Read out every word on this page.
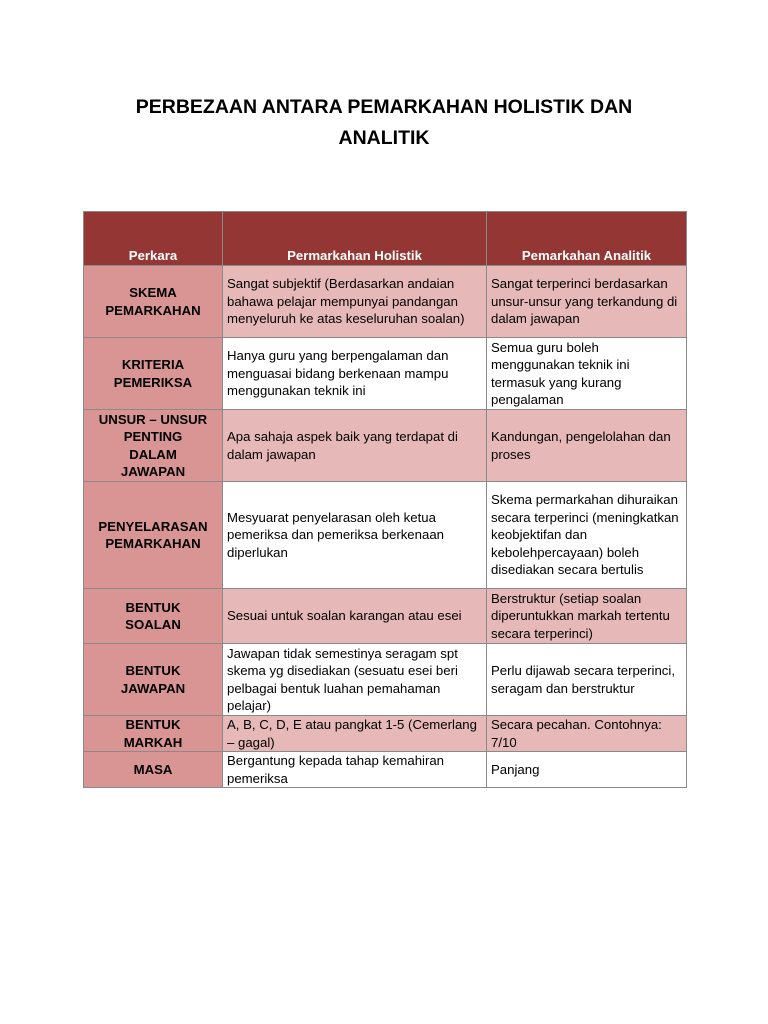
PERBEZAAN ANTARA PEMARKAHAN HOLISTIK DAN
ANALITIK
Perkara	Permarkahan Holistik	Pemarkahan Analitik
SKEMA
PEMARKAHAN	Sangat subjektif (Berdasarkan andaian bahawa pelajar mempunyai pandangan menyeluruh ke atas keseluruhan soalan)	Sangat terperinci berdasarkan unsur-unsur yang terkandung di dalam jawapan
KRITERIA
PEMERIKSA	Hanya guru yang berpengalaman dan menguasai bidang berkenaan mampu menggunakan teknik ini	Semua guru boleh menggunakan teknik ini termasuk yang kurang pengalaman
UNSUR – UNSUR
PENTING
DALAM
JAWAPAN	Apa sahaja aspek baik yang terdapat di dalam jawapan	Kandungan, pengelolahan dan proses
PENYELARASAN
PEMARKAHAN	Mesyuarat penyelarasan oleh ketua pemeriksa dan pemeriksa berkenaan diperlukan	Skema permarkahan dihuraikan secara terperinci (meningkatkan keobjektifan dan kebolehpercayaan) boleh disediakan secara bertulis
BENTUK
SOALAN	Sesuai untuk soalan karangan atau esei	Berstruktur (setiap soalan diperuntukkan markah tertentu secara terperinci)
BENTUK
JAWAPAN	Jawapan tidak semestinya seragam spt skema yg disediakan (sesuatu esei beri pelbagai bentuk luahan pemahaman pelajar)	Perlu dijawab secara terperinci, seragam dan berstruktur
BENTUK
MARKAH	A, B, C, D, E atau pangkat 1-5 (Cemerlang – gagal)	Secara pecahan. Contohnya: 7/10
MASA	Bergantung kepada tahap kemahiran pemeriksa	Panjang
